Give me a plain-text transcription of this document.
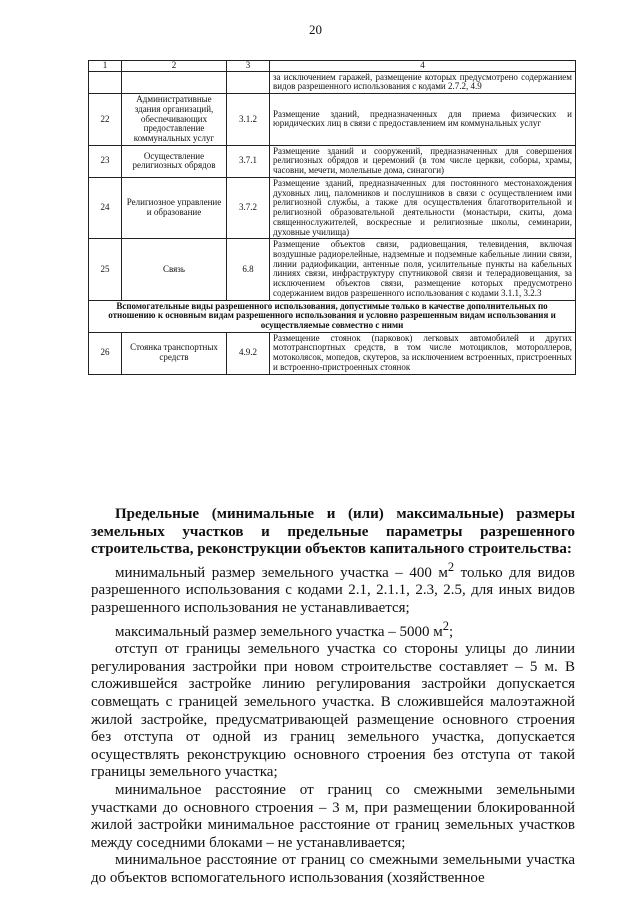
20
1	2	3	4
			за исключением гаражей, размещение которых предусмотрено содержанием видов разрешенного использования с кодами 2.7.2, 4.9
22	Административные здания организаций, обеспечивающих предоставление коммунальных услуг	3.1.2	Размещение зданий, предназначенных для приема физических и юридических лиц в связи с предоставлением им коммунальных услуг
23	Осуществление религиозных обрядов	3.7.1	Размещение зданий и сооружений, предназначенных для совершения религиозных обрядов и церемоний (в том числе церкви, соборы, храмы, часовни, мечети, молельные дома, синагоги)
24	Религиозное управление и образование	3.7.2	Размещение зданий, предназначенных для постоянного местонахождения духовных лиц, паломников и послушников в связи с осуществлением ими религиозной службы, а также для осуществления благотворительной и религиозной образовательной деятельности (монастыри, скиты, дома священнослужителей, воскресные и религиозные школы, семинарии, духовные училища)
25	Связь	6.8	Размещение объектов связи, радиовещания, телевидения, включая воздушные радиорелейные, надземные и подземные кабельные линии связи, линии радиофикации, антенные поля, усилительные пункты на кабельных линиях связи, инфраструктуру спутниковой связи и телерадиовещания, за исключением объектов связи, размещение которых предусмотрено содержанием видов разрешенного использования с кодами 3.1.1, 3.2.3
Вспомогательные виды разрешенного использования, допустимые только в качестве дополнительных по отношению к основным видам разрешенного использования и условно разрешенным видам использования и осуществляемые совместно с ними			
26	Стоянка транспортных средств	4.9.2	Размещение стоянок (парковок) легковых автомобилей и других мототранспортных средств, в том числе мотоциклов, мотороллеров, мотоколясок, мопедов, скутеров, за исключением встроенных, пристроенных и встроенно-пристроенных стоянок

Предельные (минимальные и (или) максимальные) размеры земельных участков и предельные параметры разрешенного строительства, реконструкции объектов капитального строительства:

минимальный размер земельного участка – 400 $м^2$ только для видов разрешенного использования с кодами 2.1, 2.1.1, 2.3, 2.5, для иных видов разрешенного использования не устанавливается;

максимальный размер земельного участка – 5000 $м^2$;

отступ от границы земельного участка со стороны улицы до линии регулирования застройки при новом строительстве составляет – 5 м. В сложившейся застройке линию регулирования застройки допускается совмещать с границей земельного участка. В сложившейся малоэтажной жилой застройке, предусматривающей размещение основного строения без отступа от одной из границ земельного участка, допускается осуществлять реконструкцию основного строения без отступа от такой границы земельного участка;

минимальное расстояние от границ со смежными земельными участками до основного строения – 3 м, при размещении блокированной жилой застройки минимальное расстояние от границ земельных участков между соседними блоками – не устанавливается;

минимальное расстояние от границ со смежными земельными участка до объектов вспомогательного использования (хозяйственное
